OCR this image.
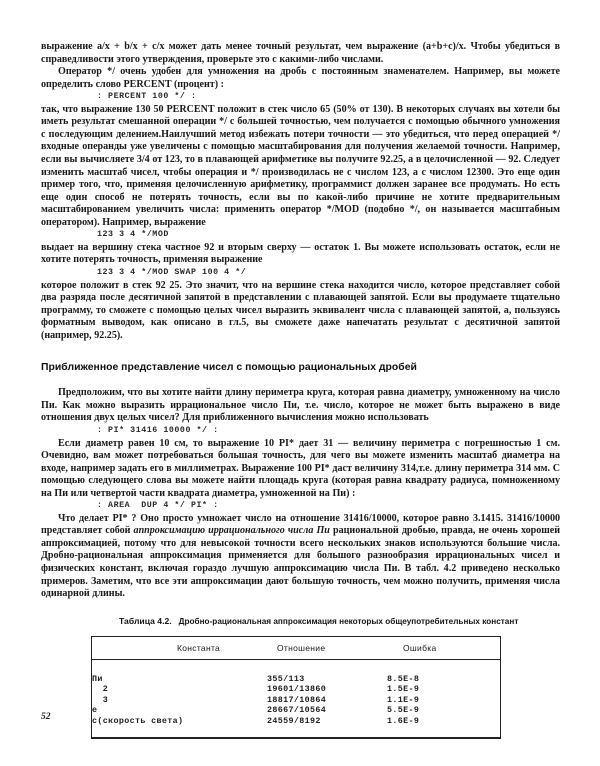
выражение a/x + b/x + c/x может дать менее точный результат, чем выражение (a+b+c)/x. Чтобы убедиться в справедливости этого утверждения, проверьте это с какими-либо числами.

Оператор */ очень удобен для умножения на дробь с постоянным знаменателем. Например, вы можете определить слово PERCENT (процент) :

: PERCENT 100 */ :

так, что выражение 130 50 PERCENT положит в стек число 65 (50% от 130). В некоторых случаях вы хотели бы иметь результат смешанной операции */ с большей точностью, чем получается с помощью обычного умножения с последующим делением.Наилучший метод избежать потери точности — это убедиться, что перед операцией */ входные операнды уже увеличены с помощью масштабирования для получения желаемой точности. Например, если вы вычисляете 3/4 от 123, то в плавающей арифметике вы получите 92.25, а в целочисленной — 92. Следует изменить масштаб чисел, чтобы операция и */ производилась не с числом 123, а с числом 12300. Это еще один пример того, что, применяя целочисленную арифметику, программист должен заранее все продумать. Но есть еще один способ не потерять точность, если вы по какой-либо причине не хотите предварительным масштабированием увеличить числа: применить оператор */MOD (подобно */, он называется масштабным оператором). Например, выражение

123 3 4 */MOD

выдает на вершину стека частное 92 и вторым сверху — остаток 1. Вы можете использовать остаток, если не хотите потерять точность, применяя выражение

123 3 4 */MOD SWAP 100 4 */

которое положит в стек 92 25. Это значит, что на вершине стека находится число, которое представляет собой два разряда после десятичной запятой в представлении с плавающей запятой. Если вы продумаете тщательно программу, то сможете с помощью целых чисел выразить эквивалент числа с плавающей запятой, а, пользуясь форматным выводом, как описано в гл.5, вы сможете даже напечатать результат с десятичной запятой (например, 92.25).

Приближенное представление чисел с помощью рациональных дробей

Предположим, что вы хотите найти длину периметра круга, которая равна диаметру, умноженному на число Пи. Как можно выразить иррациональное число Пи, т.е. число, которое не может быть выражено в виде отношения двух целых чисел? Для приближенного вычисления можно использовать

: PI* 31416 10000 */ :

Если диаметр равен 10 см, то выражение 10 PI* дает 31 — величину периметра с погрешностью 1 см. Очевидно, вам может потребоваться большая точность, для чего вы можете изменить масштаб диаметра на входе, например задать его в миллиметрах. Выражение 100 PI* даст величину 314,т.е. длину периметра 314 мм. С помощью следующего слова вы можете найти площадь круга (которая равна квадрату радиуса, помноженному на Пи или четвертой части квадрата диаметра, умноженной на Пи) :

: AREA  DUP 4 */ PI* :

Что делает PI* ? Оно просто умножает число на отношение 31416/10000, которое равно 3.1415. 31416/10000 представляет собой аппроксимацию иррационального числа Пи рациональной дробью, правда, не очень хорошей аппроксимацией, потому что для невысокой точности всего нескольких знаков используются большие числа. Дробно-рациональная аппроксимация применяется для большого разнообразия иррациональных чисел и физических констант, включая гораздо лучшую аппроксимацию числа Пи. В табл. 4.2 приведено несколько примеров. Заметим, что все эти аппроксимации дают большую точность, чем можно получить, применяя числа одинарной длины.

Таблица 4.2. Дробно-рациональная аппроксимация некоторых общеупотребительных констант
Константа	Отношение	Ошибка
Пи	355/113	8.5E-8
2	19601/13860	1.5E-9
3	18817/10864	1.1E-9
e	28667/10564	5.5E-9
c(скорость света)	24559/8192	1.6E-9
52
